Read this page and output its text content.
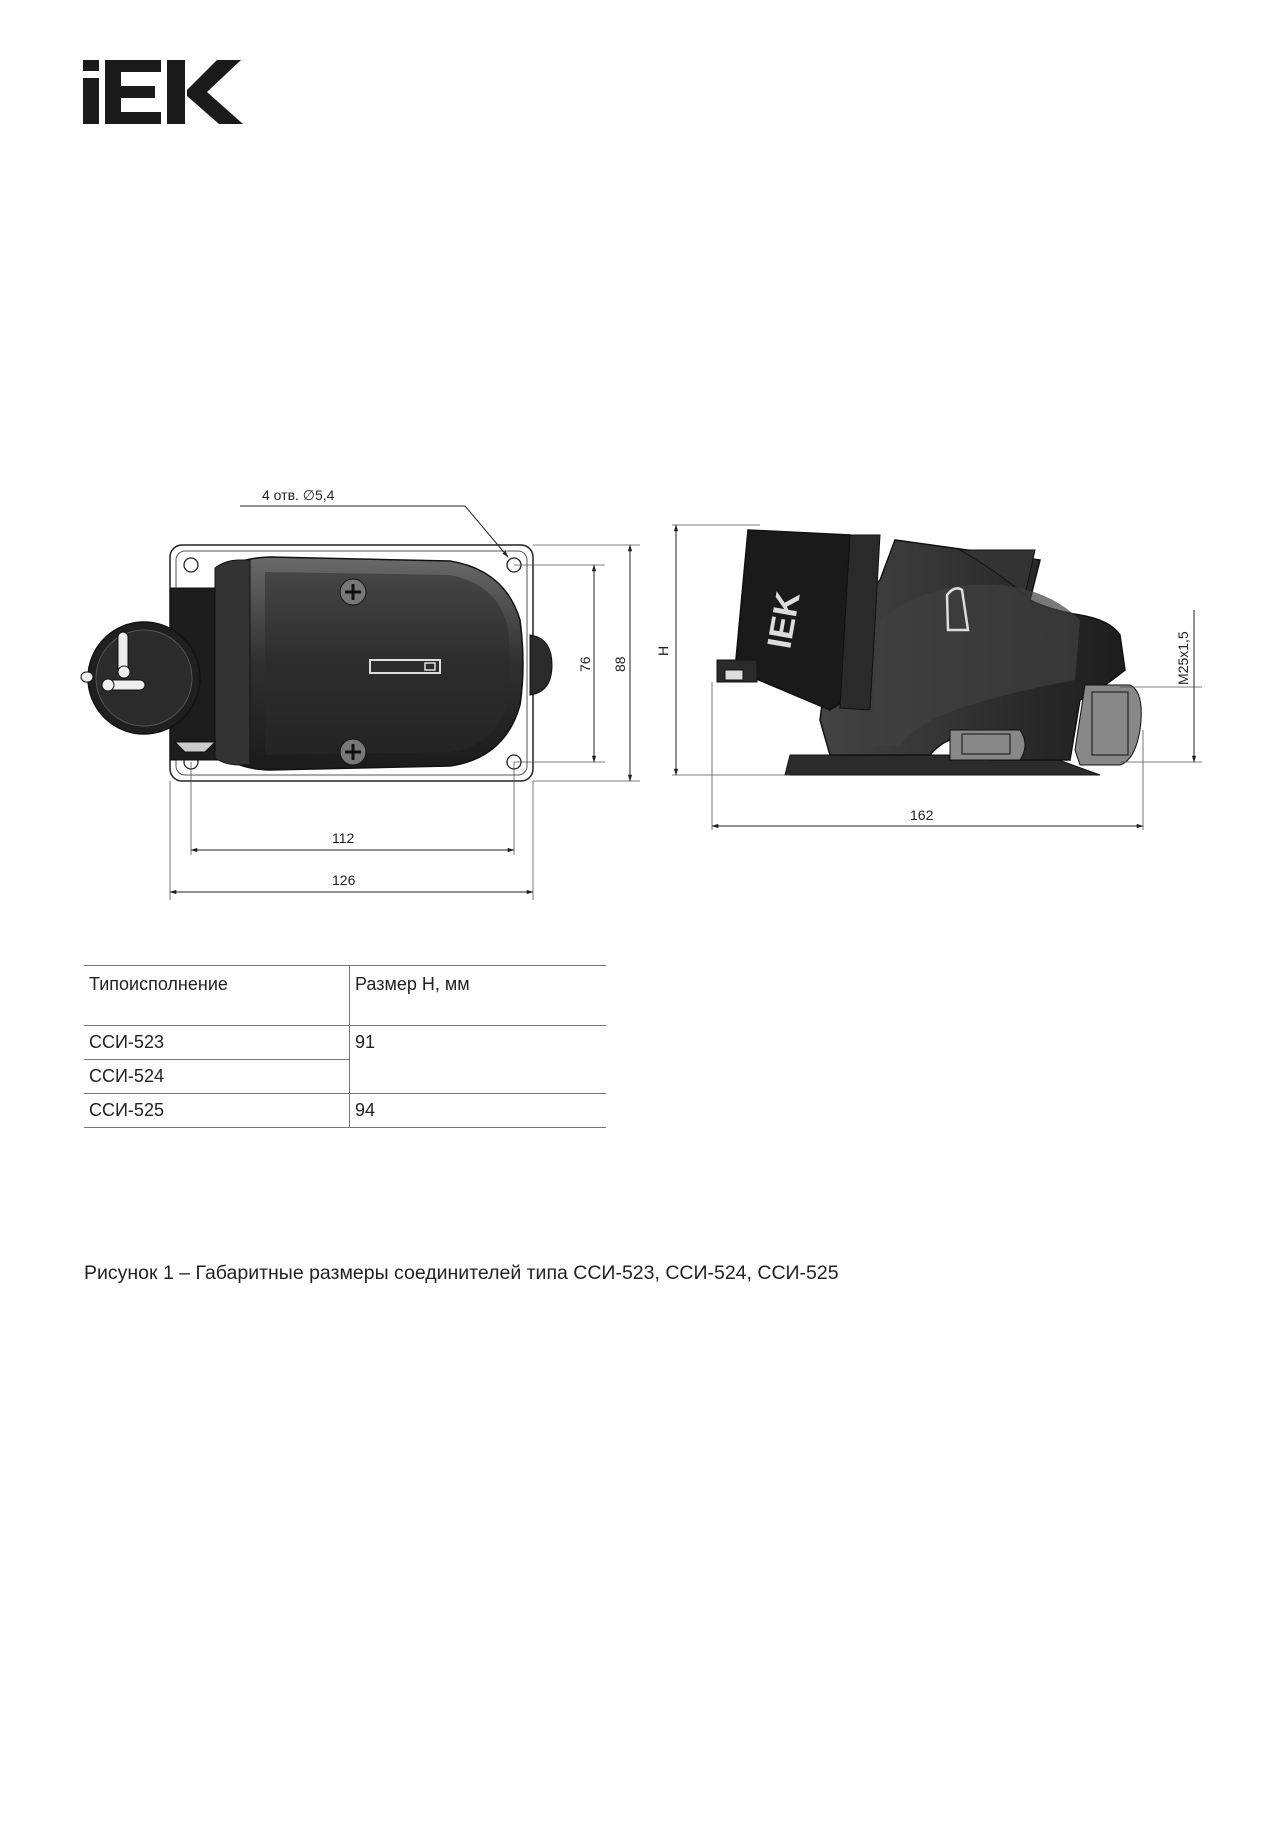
4 отв. ∅5,4
76 88
112
126
IEK
H	M25x1,5
162
Типоисполнение	Размер H, мм
ССИ-523	91
ССИ-524	
ССИ-525	94
Рисунок 1 – Габаритные размеры соединителей типа ССИ-523, ССИ-524, ССИ-525
